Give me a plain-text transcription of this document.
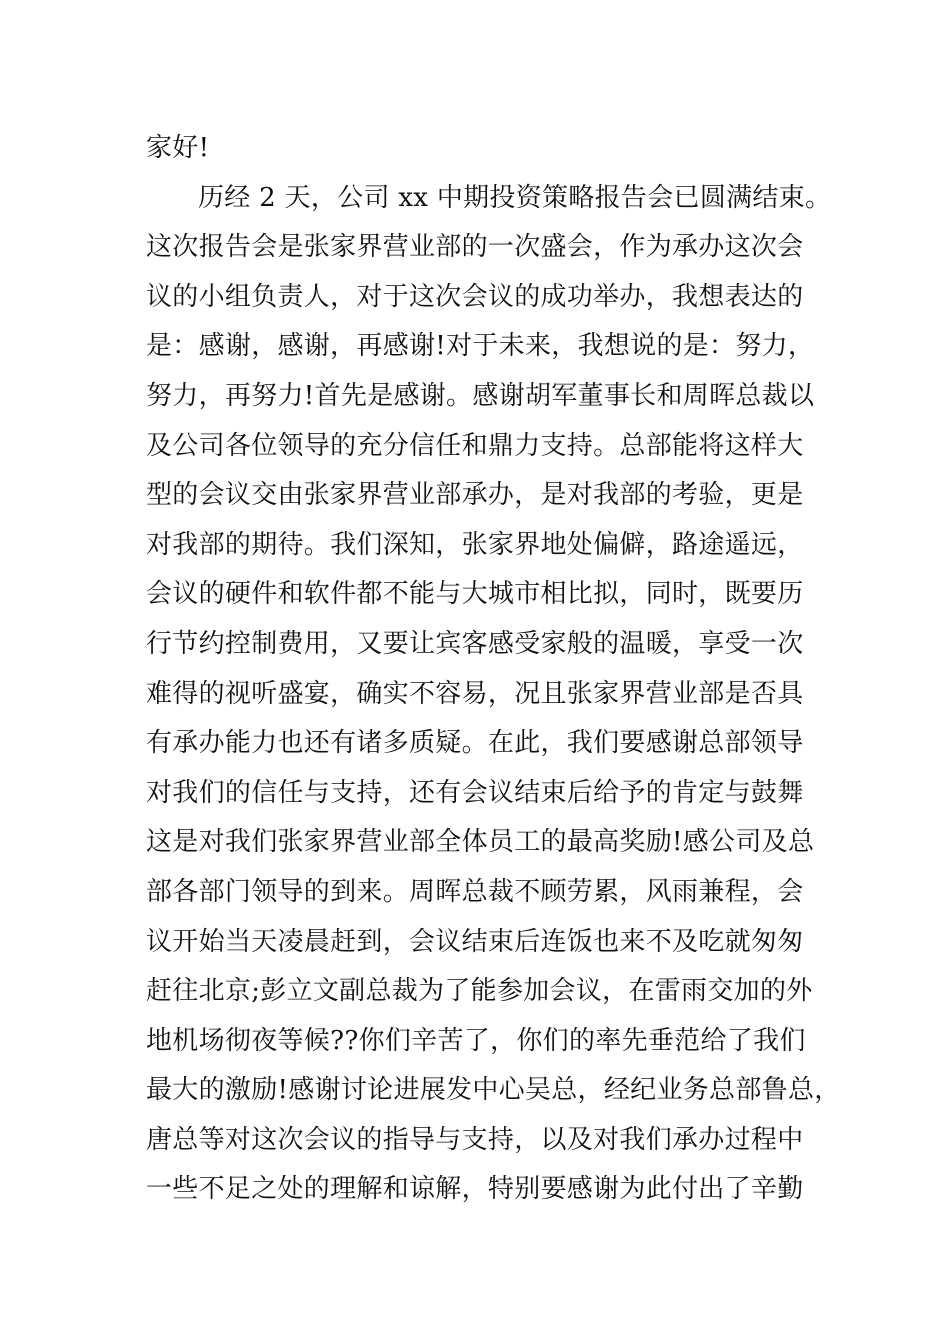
家好!
历经 2 天，公司 xx 中期投资策略报告会已圆满结束。
这次报告会是张家界营业部的一次盛会，作为承办这次会
议的小组负责人，对于这次会议的成功举办，我想表达的
是：感谢，感谢，再感谢!对于未来，我想说的是：努力，
努力，再努力!首先是感谢。感谢胡军董事长和周晖总裁以
及公司各位领导的充分信任和鼎力支持。总部能将这样大
型的会议交由张家界营业部承办，是对我部的考验，更是
对我部的期待。我们深知，张家界地处偏僻，路途遥远，
会议的硬件和软件都不能与大城市相比拟，同时，既要历
行节约控制费用，又要让宾客感受家般的温暖，享受一次
难得的视听盛宴，确实不容易，况且张家界营业部是否具
有承办能力也还有诸多质疑。在此，我们要感谢总部领导
对我们的信任与支持，还有会议结束后给予的肯定与鼓舞
这是对我们张家界营业部全体员工的最高奖励!感公司及总
部各部门领导的到来。周晖总裁不顾劳累，风雨兼程，会
议开始当天凌晨赶到，会议结束后连饭也来不及吃就匆匆
赶往北京;彭立文副总裁为了能参加会议，在雷雨交加的外
地机场彻夜等候??你们辛苦了，你们的率先垂范给了我们
最大的激励!感谢讨论进展发中心吴总，经纪业务总部鲁总，
唐总等对这次会议的指导与支持，以及对我们承办过程中
一些不足之处的理解和谅解，特别要感谢为此付出了辛勤
